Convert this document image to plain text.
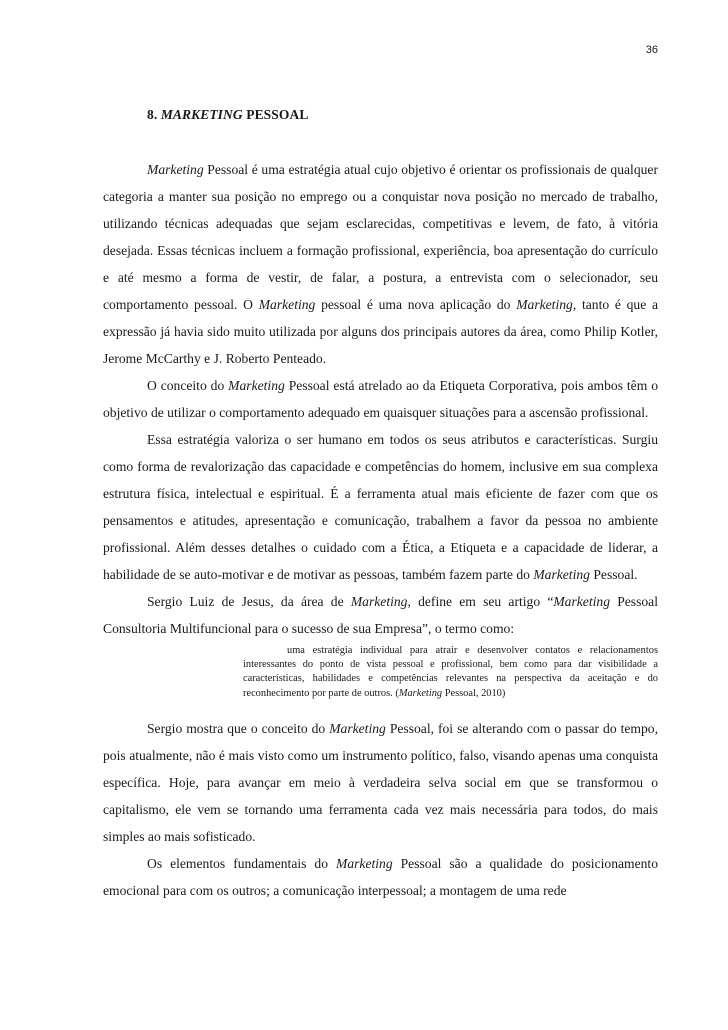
36
8. MARKETING PESSOAL

Marketing Pessoal é uma estratégia atual cujo objetivo é orientar os profissionais de qualquer categoria a manter sua posição no emprego ou a conquistar nova posição no mercado de trabalho, utilizando técnicas adequadas que sejam esclarecidas, competitivas e levem, de fato, à vitória desejada. Essas técnicas incluem a formação profissional, experiência, boa apresentação do currículo e até mesmo a forma de vestir, de falar, a postura, a entrevista com o selecionador, seu comportamento pessoal. O Marketing pessoal é uma nova aplicação do Marketing, tanto é que a expressão já havia sido muito utilizada por alguns dos principais autores da área, como Philip Kotler, Jerome McCarthy e J. Roberto Penteado.

O conceito do Marketing Pessoal está atrelado ao da Etiqueta Corporativa, pois ambos têm o objetivo de utilizar o comportamento adequado em quaisquer situações para a ascensão profissional.

Essa estratégia valoriza o ser humano em todos os seus atributos e características. Surgiu como forma de revalorização das capacidade e competências do homem, inclusive em sua complexa estrutura física, intelectual e espiritual. É a ferramenta atual mais eficiente de fazer com que os pensamentos e atitudes, apresentação e comunicação, trabalhem a favor da pessoa no ambiente profissional. Além desses detalhes o cuidado com a Ética, a Etiqueta e a capacidade de liderar, a habilidade de se auto-motivar e de motivar as pessoas, também fazem parte do Marketing Pessoal.

Sergio Luiz de Jesus, da área de Marketing, define em seu artigo “Marketing Pessoal Consultoria Multifuncional para o sucesso de sua Empresa”, o termo como:

uma estratégia individual para atrair e desenvolver contatos e relacionamentos interessantes do ponto de vista pessoal e profissional, bem como para dar visibilidade a características, habilidades e competências relevantes na perspectiva da aceitação e do reconhecimento por parte de outros. (Marketing Pessoal, 2010)

Sergio mostra que o conceito do Marketing Pessoal, foi se alterando com o passar do tempo, pois atualmente, não é mais visto como um instrumento político, falso, visando apenas uma conquista específica. Hoje, para avançar em meio à verdadeira selva social em que se transformou o capitalismo, ele vem se tornando uma ferramenta cada vez mais necessária para todos, do mais simples ao mais sofisticado.

Os elementos fundamentais do Marketing Pessoal são a qualidade do posicionamento emocional para com os outros; a comunicação interpessoal; a montagem de uma rede
